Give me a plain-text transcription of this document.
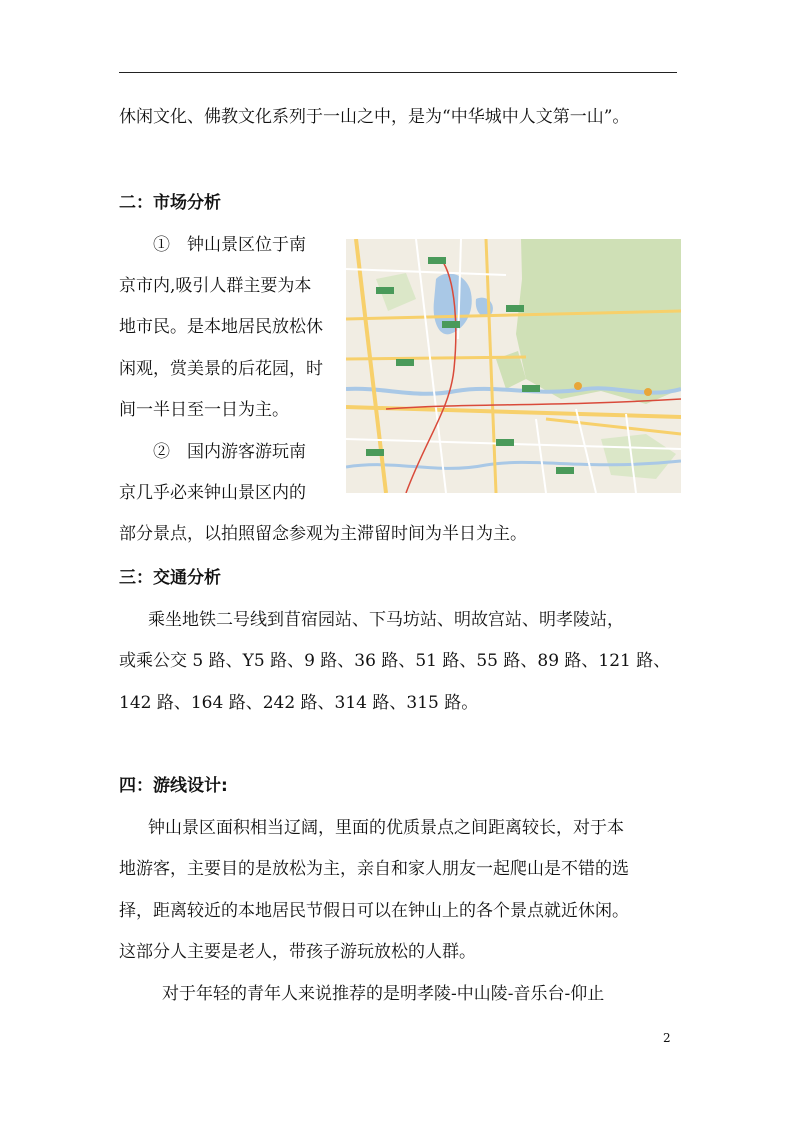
休闲文化、佛教文化系列于一山之中，是为“中华城中人文第一山”。
二：市场分析
①　钟山景区位于南
京市内,吸引人群主要为本
地市民。是本地居民放松休
闲观，赏美景的后花园，时
间一半日至一日为主。
②　国内游客游玩南
京几乎必来钟山景区内的
部分景点，以拍照留念参观为主滞留时间为半日为主。
三：交通分析
乘坐地铁二号线到苜宿园站、下马坊站、明故宫站、明孝陵站，
或乘公交 5 路、Y5 路、9 路、36 路、51 路、55 路、89 路、121 路、
142 路、164 路、242 路、314 路、315 路。
四：游线设计:
钟山景区面积相当辽阔，里面的优质景点之间距离较长，对于本
地游客，主要目的是放松为主，亲自和家人朋友一起爬山是不错的选
择，距离较近的本地居民节假日可以在钟山上的各个景点就近休闲。
这部分人主要是老人，带孩子游玩放松的人群。
对于年轻的青年人来说推荐的是明孝陵-中山陵-音乐台-仰止
2
